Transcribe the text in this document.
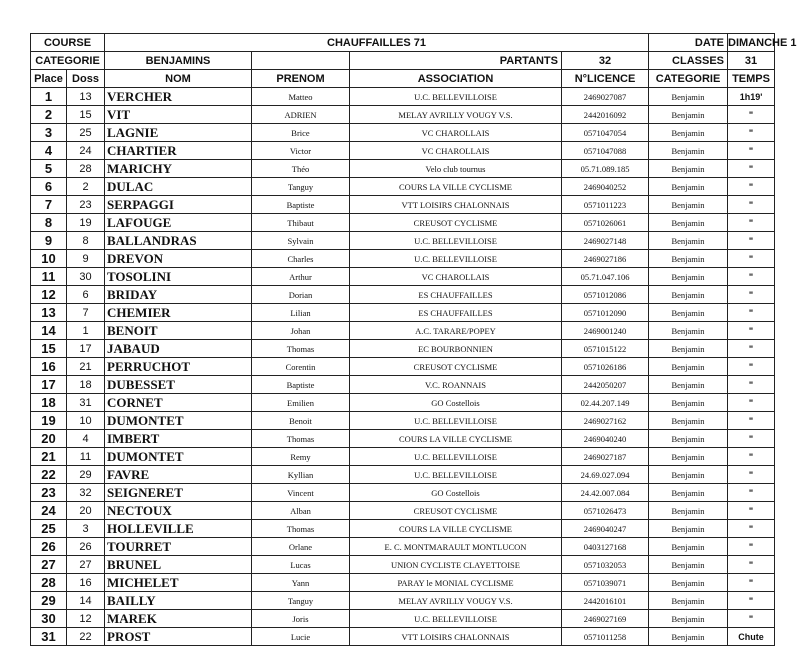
COURSE		CHAUFFAILLES 71				DATE	DIMANCHE 1
CATEGORIE		BENJAMINS		PARTANTS	32	CLASSES	31
Place	Doss	NOM	PRENOM	ASSOCIATION	N°LICENCE	CATEGORIE	TEMPS
1	13	VERCHER	Matteo	U.C. BELLEVILLOISE	2469027087	Benjamin	1h19'
2	15	VIT	ADRIEN	MELAY AVRILLY VOUGY V.S.	2442016092	Benjamin	"
3	25	LAGNIE	Brice	VC CHAROLLAIS	0571047054	Benjamin	"
4	24	CHARTIER	Victor	VC CHAROLLAIS	0571047088	Benjamin	"
5	28	MARICHY	Théo	Velo club tournus	05.71.089.185	Benjamin	"
6	2	DULAC	Tanguy	COURS LA VILLE CYCLISME	2469040252	Benjamin	"
7	23	SERPAGGI	Baptiste	VTT LOISIRS CHALONNAIS	0571011223	Benjamin	"
8	19	LAFOUGE	Thibaut	CREUSOT CYCLISME	0571026061	Benjamin	"
9	8	BALLANDRAS	Sylvain	U.C. BELLEVILLOISE	2469027148	Benjamin	"
10	9	DREVON	Charles	U.C. BELLEVILLOISE	2469027186	Benjamin	"
11	30	TOSOLINI	Arthur	VC CHAROLLAIS	05.71.047.106	Benjamin	"
12	6	BRIDAY	Dorian	ES CHAUFFAILLES	0571012086	Benjamin	"
13	7	CHEMIER	Lilian	ES CHAUFFAILLES	0571012090	Benjamin	"
14	1	BENOIT	Johan	A.C. TARARE/POPEY	2469001240	Benjamin	"
15	17	JABAUD	Thomas	EC BOURBONNIEN	0571015122	Benjamin	"
16	21	PERRUCHOT	Corentin	CREUSOT CYCLISME	0571026186	Benjamin	"
17	18	DUBESSET	Baptiste	V.C. ROANNAIS	2442050207	Benjamin	"
18	31	CORNET	Emilien	GO Costellois	02.44.207.149	Benjamin	"
19	10	DUMONTET	Benoit	U.C. BELLEVILLOISE	2469027162	Benjamin	"
20	4	IMBERT	Thomas	COURS LA VILLE CYCLISME	2469040240	Benjamin	"
21	11	DUMONTET	Remy	U.C. BELLEVILLOISE	2469027187	Benjamin	"
22	29	FAVRE	Kyllian	U.C. BELLEVILLOISE	24.69.027.094	Benjamin	"
23	32	SEIGNERET	Vincent	GO Costellois	24.42.007.084	Benjamin	"
24	20	NECTOUX	Alban	CREUSOT CYCLISME	0571026473	Benjamin	"
25	3	HOLLEVILLE	Thomas	COURS LA VILLE CYCLISME	2469040247	Benjamin	"
26	26	TOURRET	Orlane	E. C. MONTMARAULT MONTLUCON	0403127168	Benjamin	"
27	27	BRUNEL	Lucas	UNION CYCLISTE CLAYETTOISE	0571032053	Benjamin	"
28	16	MICHELET	Yann	PARAY le MONIAL CYCLISME	0571039071	Benjamin	"
29	14	BAILLY	Tanguy	MELAY AVRILLY VOUGY V.S.	2442016101	Benjamin	"
30	12	MAREK	Joris	U.C. BELLEVILLOISE	2469027169	Benjamin	"
31	22	PROST	Lucie	VTT LOISIRS CHALONNAIS	0571011258	Benjamin	Chute
